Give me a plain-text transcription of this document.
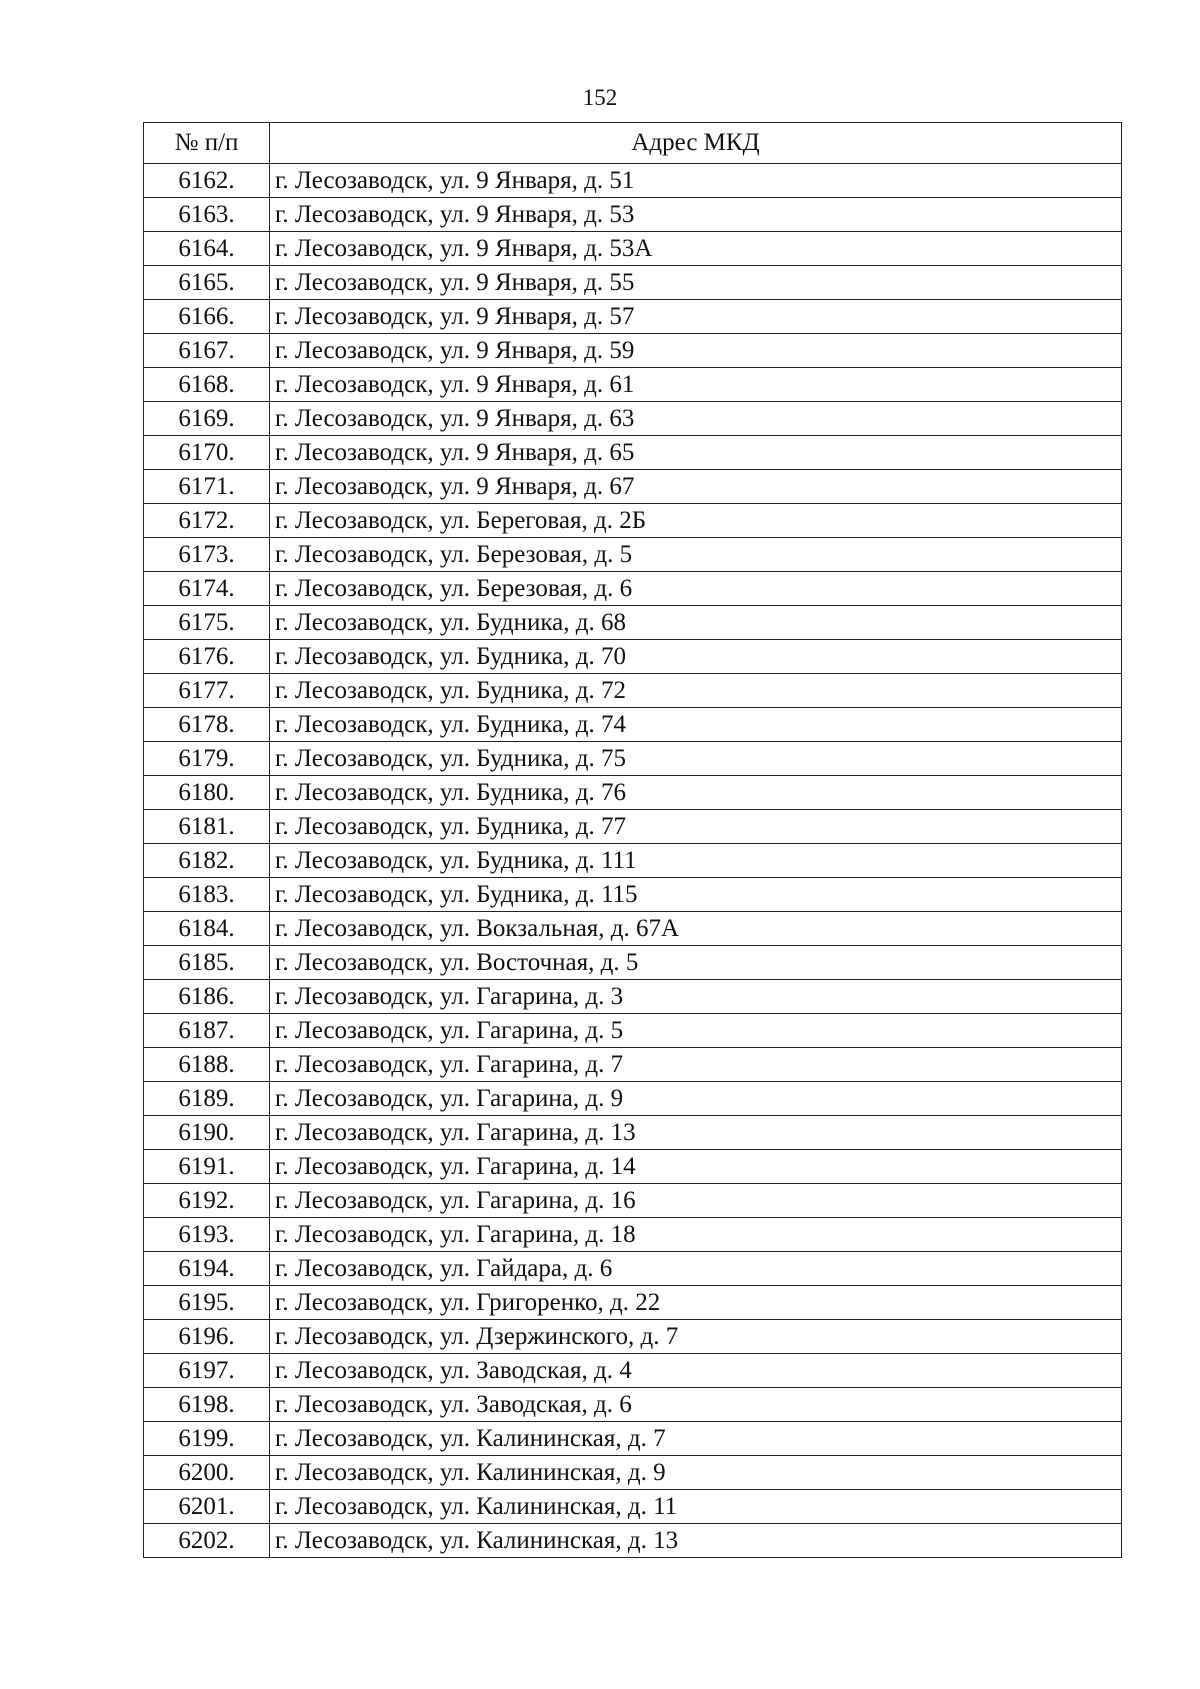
152
№ п/п	Адрес МКД
6162.	г. Лесозаводск, ул. 9 Января, д. 51
6163.	г. Лесозаводск, ул. 9 Января, д. 53
6164.	г. Лесозаводск, ул. 9 Января, д. 53А
6165.	г. Лесозаводск, ул. 9 Января, д. 55
6166.	г. Лесозаводск, ул. 9 Января, д. 57
6167.	г. Лесозаводск, ул. 9 Января, д. 59
6168.	г. Лесозаводск, ул. 9 Января, д. 61
6169.	г. Лесозаводск, ул. 9 Января, д. 63
6170.	г. Лесозаводск, ул. 9 Января, д. 65
6171.	г. Лесозаводск, ул. 9 Января, д. 67
6172.	г. Лесозаводск, ул. Береговая, д. 2Б
6173.	г. Лесозаводск, ул. Березовая, д. 5
6174.	г. Лесозаводск, ул. Березовая, д. 6
6175.	г. Лесозаводск, ул. Будника, д. 68
6176.	г. Лесозаводск, ул. Будника, д. 70
6177.	г. Лесозаводск, ул. Будника, д. 72
6178.	г. Лесозаводск, ул. Будника, д. 74
6179.	г. Лесозаводск, ул. Будника, д. 75
6180.	г. Лесозаводск, ул. Будника, д. 76
6181.	г. Лесозаводск, ул. Будника, д. 77
6182.	г. Лесозаводск, ул. Будника, д. 111
6183.	г. Лесозаводск, ул. Будника, д. 115
6184.	г. Лесозаводск, ул. Вокзальная, д. 67А
6185.	г. Лесозаводск, ул. Восточная, д. 5
6186.	г. Лесозаводск, ул. Гагарина, д. 3
6187.	г. Лесозаводск, ул. Гагарина, д. 5
6188.	г. Лесозаводск, ул. Гагарина, д. 7
6189.	г. Лесозаводск, ул. Гагарина, д. 9
6190.	г. Лесозаводск, ул. Гагарина, д. 13
6191.	г. Лесозаводск, ул. Гагарина, д. 14
6192.	г. Лесозаводск, ул. Гагарина, д. 16
6193.	г. Лесозаводск, ул. Гагарина, д. 18
6194.	г. Лесозаводск, ул. Гайдара, д. 6
6195.	г. Лесозаводск, ул. Григоренко, д. 22
6196.	г. Лесозаводск, ул. Дзержинского, д. 7
6197.	г. Лесозаводск, ул. Заводская, д. 4
6198.	г. Лесозаводск, ул. Заводская, д. 6
6199.	г. Лесозаводск, ул. Калининская, д. 7
6200.	г. Лесозаводск, ул. Калининская, д. 9
6201.	г. Лесозаводск, ул. Калининская, д. 11
6202.	г. Лесозаводск, ул. Калининская, д. 13
